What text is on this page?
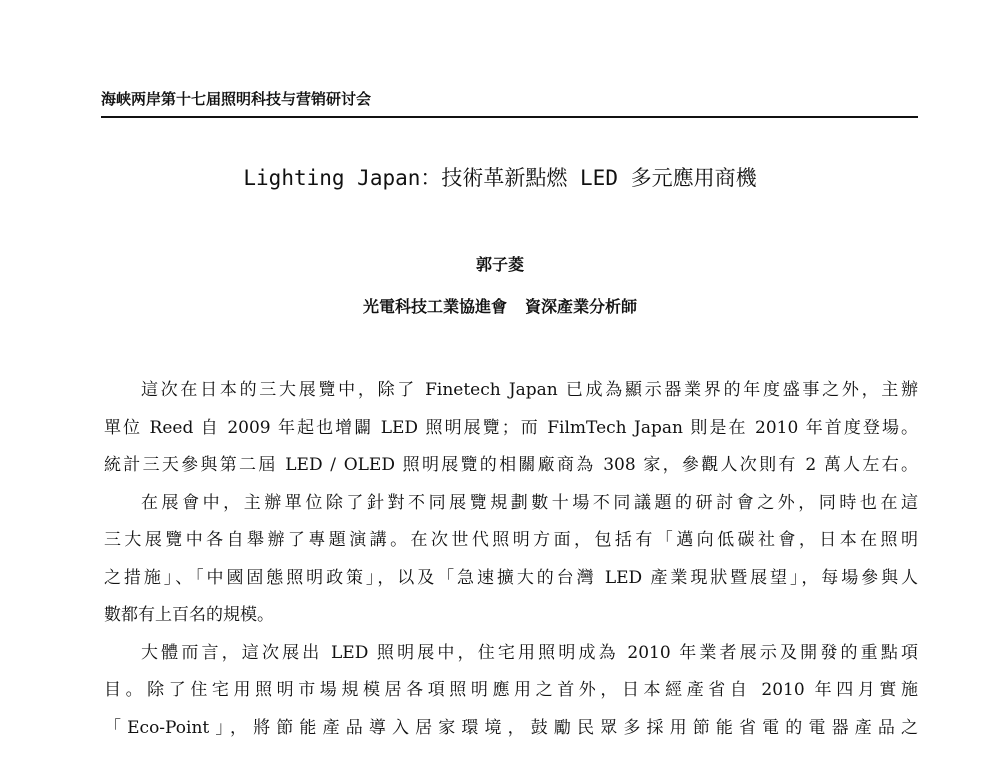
海峡两岸第十七届照明科技与营销研讨会
Lighting Japan：技術革新點燃 LED 多元應用商機
郭子菱
光電科技工業協進會 資深產業分析師
這次在日本的三大展覽中，除了 Finetech Japan 已成為顯示器業界的年度盛事之外，主辦
單位 Reed 自 2009 年起也增闢 LED 照明展覽；而 FilmTech Japan 則是在 2010 年首度登場。
統計三天參與第二屆 LED / OLED 照明展覽的相關廠商為 308 家，參觀人次則有 2 萬人左右。
在展會中，主辦單位除了針對不同展覽規劃數十場不同議題的研討會之外，同時也在這
三大展覽中各自舉辦了專題演講。在次世代照明方面，包括有「邁向低碳社會，日本在照明
之措施」、「中國固態照明政策」，以及「急速擴大的台灣 LED 產業現狀暨展望」，每場參與人
數都有上百名的規模。
大體而言，這次展出 LED 照明展中，住宅用照明成為 2010 年業者展示及開發的重點項
目。除了住宅用照明市場規模居各項照明應用之首外，日本經產省自 2010 年四月實施
「Eco-Point」，將節能產品導入居家環境，鼓勵民眾多採用節能省電的電器產品之
